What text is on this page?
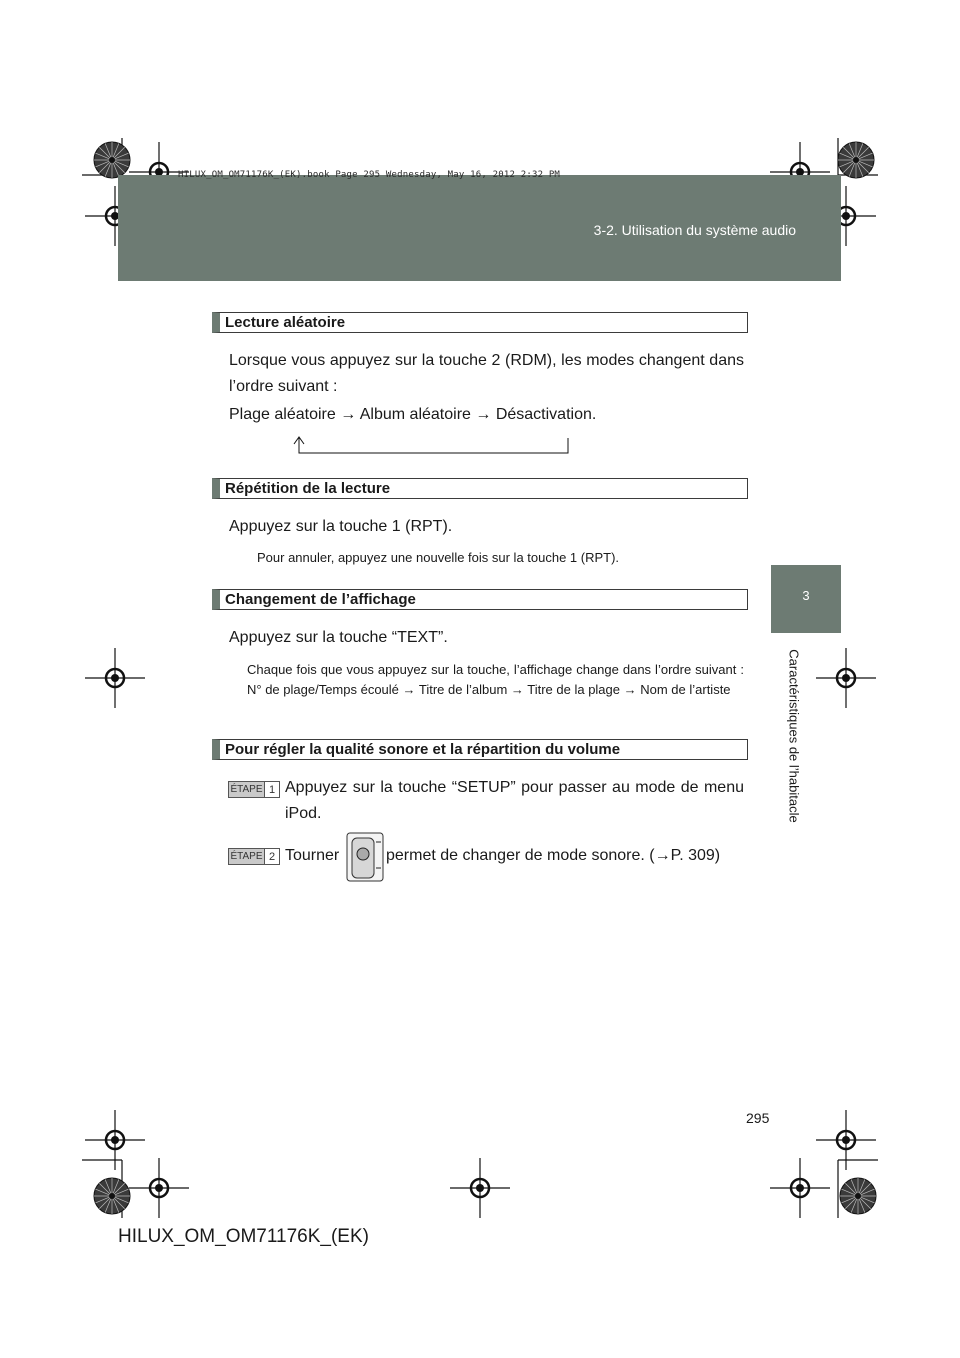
HILUX_OM_OM71176K_(EK).book Page 295 Wednesday, May 16, 2012 2:32 PM
3-2. Utilisation du système audio
3
Caractéristiques de l’habitacle
Lecture aléatoire
Lorsque vous appuyez sur la touche 2 (RDM), les modes changent dans l’ordre suivant :
Plage aléatoire → Album aléatoire → Désactivation.
Répétition de la lecture
Appuyez sur la touche 1 (RPT).
Pour annuler, appuyez une nouvelle fois sur la touche 1 (RPT).
Changement de l’affichage
Appuyez sur la touche “TEXT”.
Chaque fois que vous appuyez sur la touche, l’affichage change dans l’ordre suivant : N° de plage/Temps écoulé → Titre de l’album → Titre de la plage → Nom de l’artiste
Pour régler la qualité sonore et la répartition du volume
ÉTAPE 1 Appuyez sur la touche “SETUP” pour passer au mode de menu iPod.
ÉTAPE 2 Tourner	permet de changer de mode sonore. (→P. 309)
295
HILUX_OM_OM71176K_(EK)
